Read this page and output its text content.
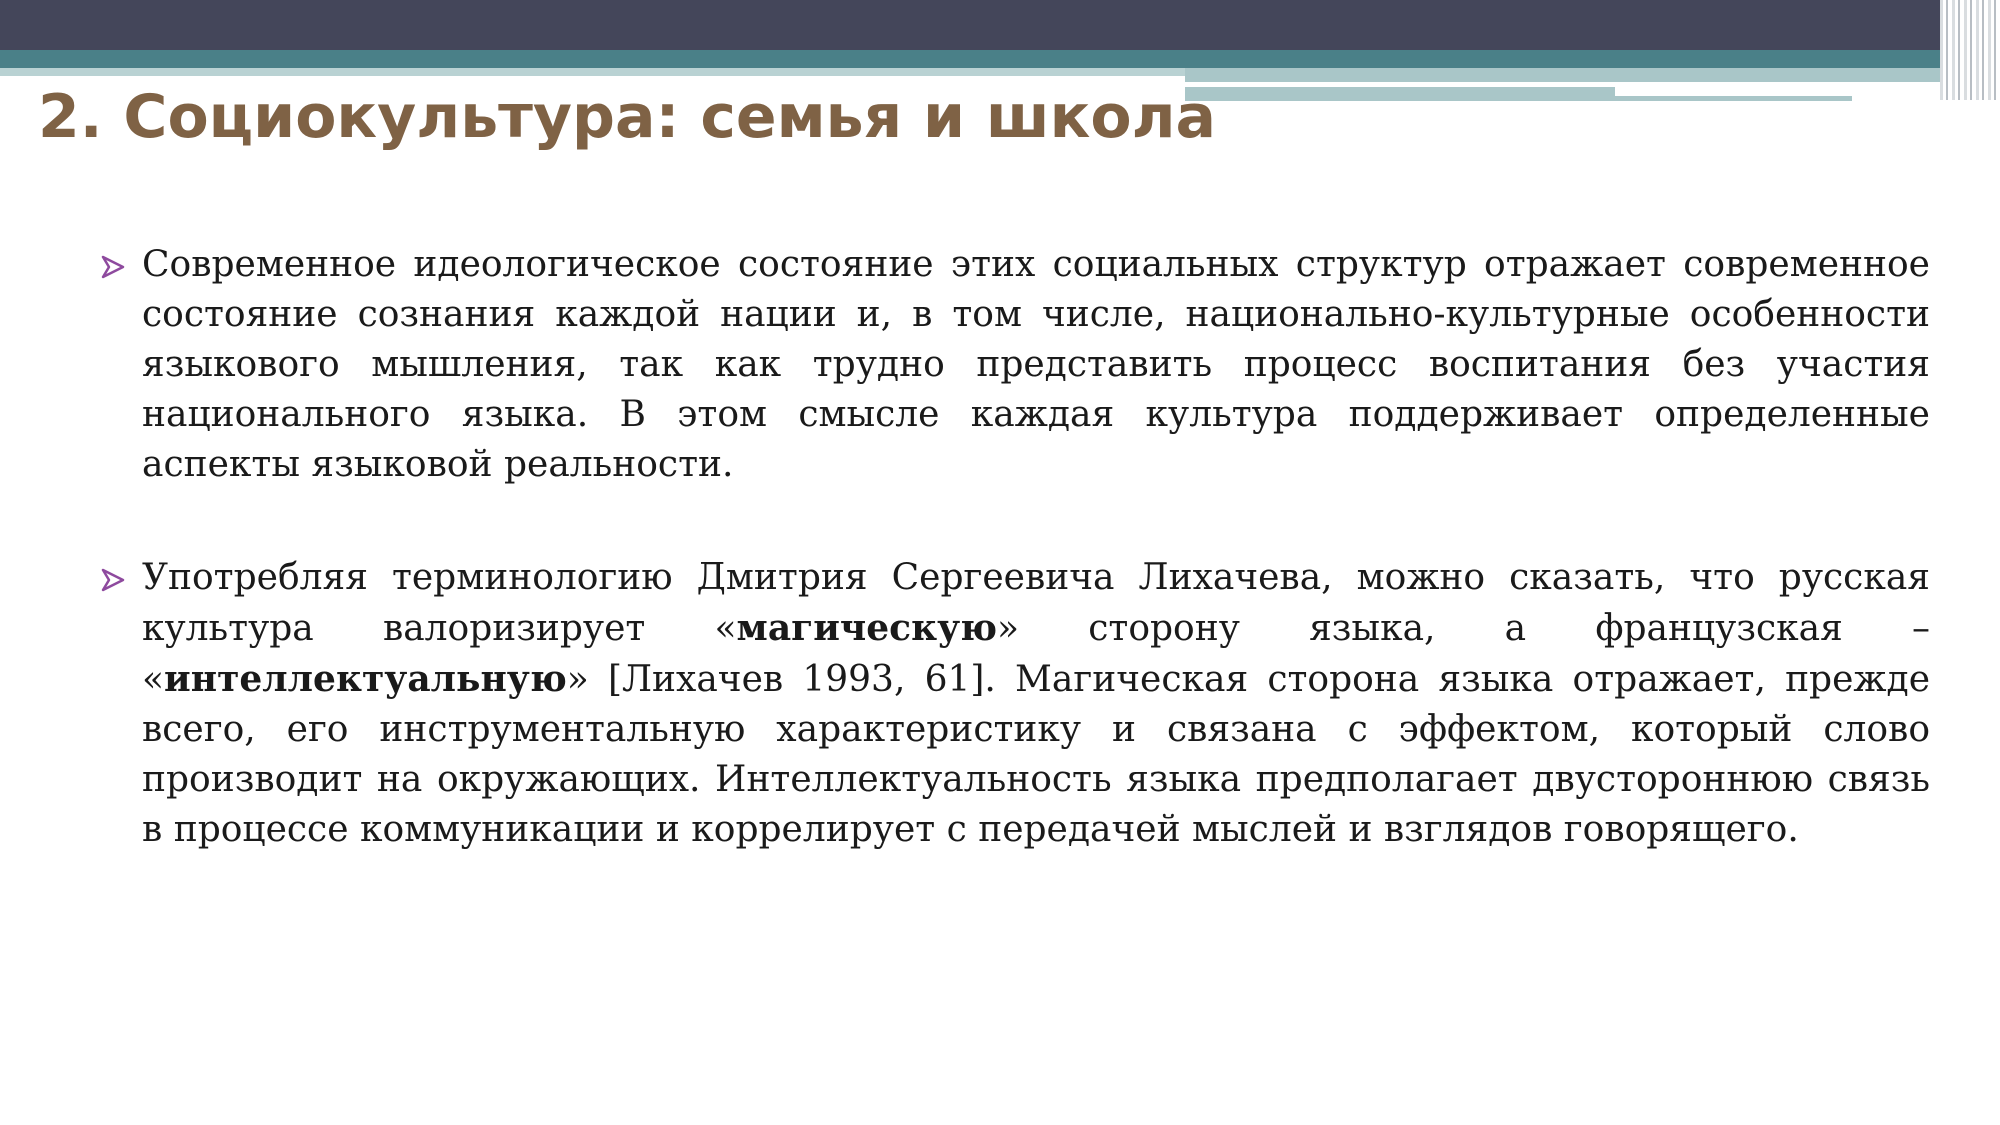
2. Социокультура: семья и школа
Современное идеологическое состояние этих социальных структур отражает современное состояние сознания каждой нации и, в том числе, национально-культурные особенности языкового мышления, так как трудно представить процесс воспитания без участия национального языка. В этом смысле каждая культура поддерживает определенные аспекты языковой реальности.
Употребляя терминологию Дмитрия Сергеевича Лихачева, можно сказать, что русская культура валоризирует «магическую» сторону языка, а французская – «интеллектуальную» [Лихачев 1993, 61]. Магическая сторона языка отражает, прежде всего, его инструментальную характеристику и связана с эффектом, который слово производит на окружающих. Интеллектуальность языка предполагает двустороннюю связь в процессе коммуникации и коррелирует с передачей мыслей и взглядов говорящего.
